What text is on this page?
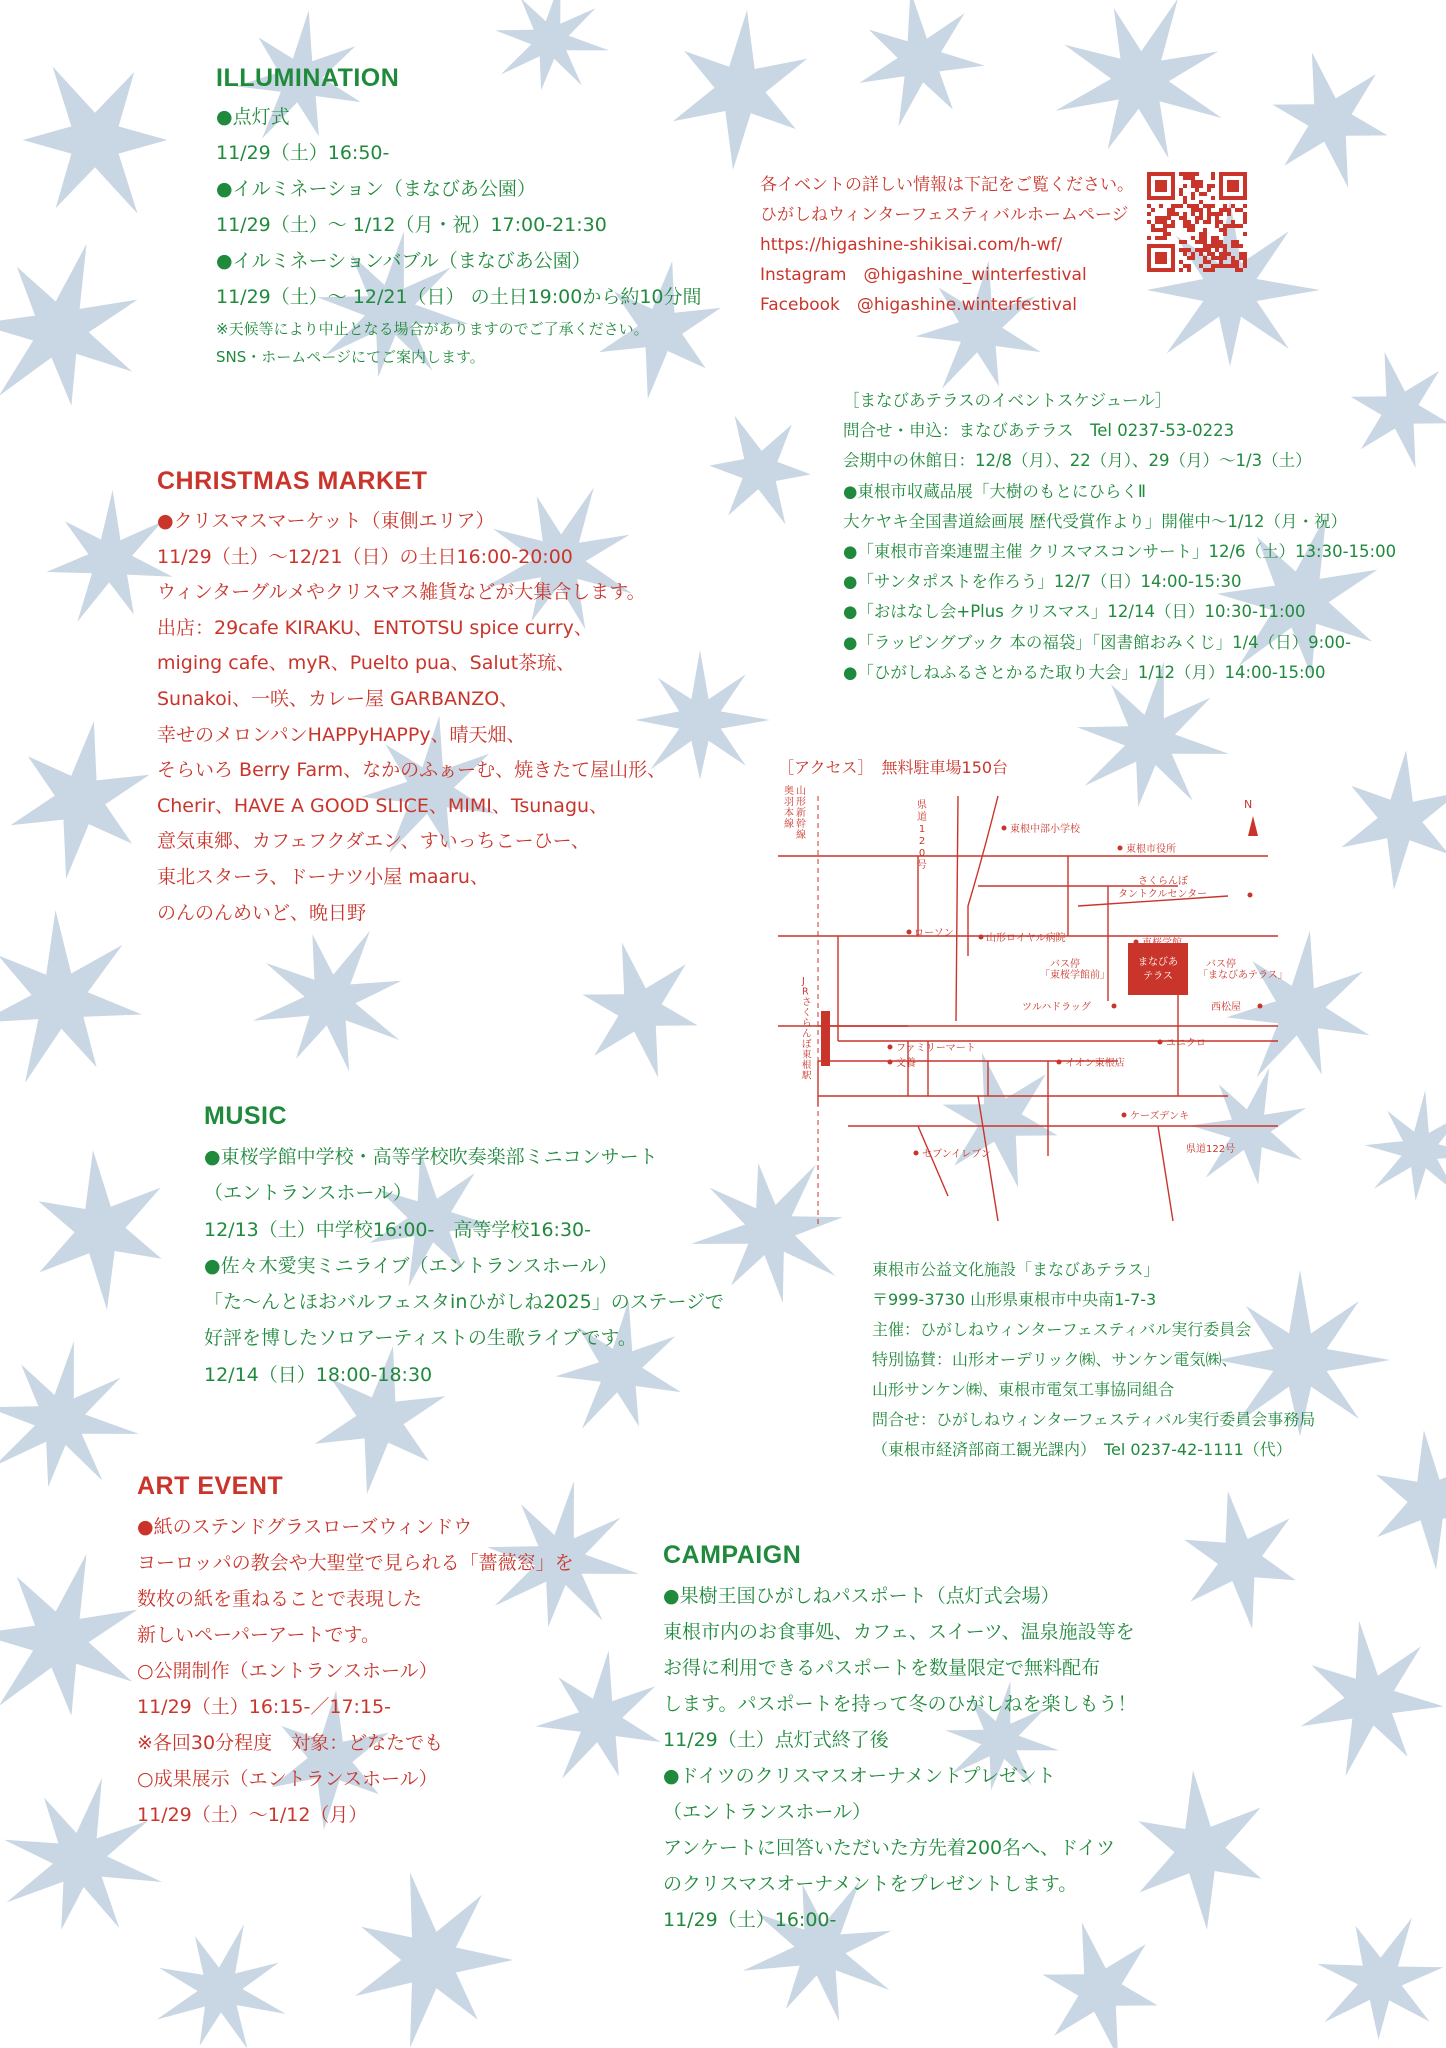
ILLUMINATION
●点灯式
11/29（土）16:50-
●イルミネーション（まなびあ公園）
11/29（土）～ 1/12（月・祝）17:00-21:30
●イルミネーションバブル（まなびあ公園）
11/29（土）～ 12/21（日） の土日19:00から約10分間
※天候等により中止となる場合がありますのでご了承ください。
SNS・ホームページにてご案内します。
各イベントの詳しい情報は下記をご覧ください。
ひがしねウィンターフェスティバルホームページ
https://higashine-shikisai.com/h-wf/
Instagram　@higashine_winterfestival
Facebook　@higashine.winterfestival
［まなびあテラスのイベントスケジュール］
問合せ・申込：まなびあテラス　Tel 0237-53-0223
会期中の休館日：12/8（月）、22（月）、29（月）～1/3（土）
●東根市収蔵品展「大樹のもとにひらくⅡ
大ケヤキ全国書道絵画展 歴代受賞作より」開催中～1/12（月・祝）
●「東根市音楽連盟主催 クリスマスコンサート」12/6（土）13:30-15:00
●「サンタポストを作ろう」12/7（日）14:00-15:30
●「おはなし会+Plus クリスマス」12/14（日）10:30-11:00
●「ラッピングブック 本の福袋」「図書館おみくじ」1/4（日）9:00-
●「ひがしねふるさとかるた取り大会」1/12（月）14:00-15:00
CHRISTMAS MARKET
●クリスマスマーケット（東側エリア）
11/29（土）～12/21（日）の土日16:00-20:00
ウィンターグルメやクリスマス雑貨などが大集合します。
出店：29cafe KIRAKU、ENTOTSU spice curry、
miging cafe、myR、Puelto pua、Salut茶琉、
Sunakoi、一咲、カレー屋 GARBANZO、
幸せのメロンパンHAPPyHAPPy、晴天畑、
そらいろ Berry Farm、なかのふぁーむ、焼きたて屋山形、
Cherir、HAVE A GOOD SLICE、MIMI、Tsunagu、
意気東郷、カフェフクダエン、すいっちこーひー、
東北スターラ、ドーナツ小屋 maaru、
のんのんめいど、晩日野
［アクセス］　無料駐車場150台
まなびあ
テラス
N
山
形
新
幹
線
奥
羽
本
線
J
R
さ
く
ら
ん
ぼ
東
根
駅
県
道
1
2
0
号
東根中部小学校
東根市役所
さくらんぼ
タントクルセンター
ローソン	山形ロイヤル病院	東桜学館
バス停
「東桜学館前」
バス停
「まなびあテラス」
ツルハドラッグ	西松屋
ユニクロ
ファミリーマート
文養	イオン東根店
ケーズデンキ
セブンイレブン	県道122号
MUSIC
●東桜学館中学校・高等学校吹奏楽部ミニコンサート
（エントランスホール）
12/13（土）中学校16:00-　高等学校16:30-
●佐々木愛実ミニライブ（エントランスホール）
「た～んとほおバルフェスタinひがしね2025」のステージで
好評を博したソロアーティストの生歌ライブです。
12/14（日）18:00-18:30
東根市公益文化施設「まなびあテラス」
〒999-3730 山形県東根市中央南1-7-3
主催：ひがしねウィンターフェスティバル実行委員会
特別協賛：山形オーデリック㈱、サンケン電気㈱、
山形サンケン㈱、東根市電気工事協同組合
問合せ：ひがしねウィンターフェスティバル実行委員会事務局
（東根市経済部商工観光課内）　Tel 0237-42-1111（代）
ART EVENT
●紙のステンドグラスローズウィンドウ
ヨーロッパの教会や大聖堂で見られる「薔薇窓」を
数枚の紙を重ねることで表現した
新しいペーパーアートです。
○公開制作（エントランスホール）
11/29（土）16:15-／17:15-
※各回30分程度　対象：どなたでも
○成果展示（エントランスホール）
11/29（土）～1/12（月）
CAMPAIGN
●果樹王国ひがしねパスポート（点灯式会場）
東根市内のお食事処、カフェ、スイーツ、温泉施設等を
お得に利用できるパスポートを数量限定で無料配布
します。パスポートを持って冬のひがしねを楽しもう！
11/29（土）点灯式終了後
●ドイツのクリスマスオーナメントプレゼント
（エントランスホール）
アンケートに回答いただいた方先着200名へ、ドイツ
のクリスマスオーナメントをプレゼントします。
11/29（土）16:00-
